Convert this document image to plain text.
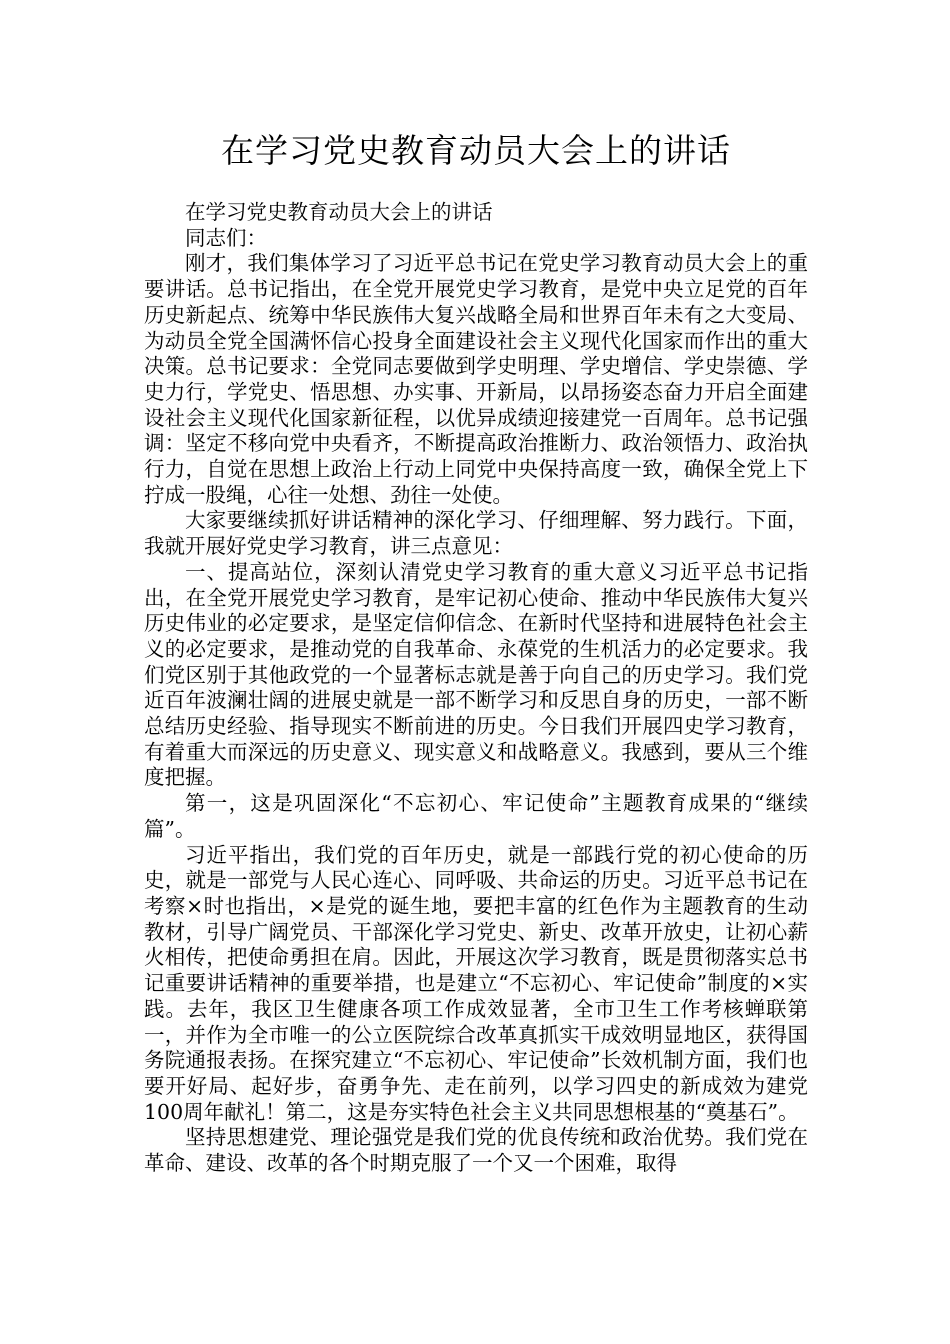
在学习党史教育动员大会上的讲话

在学习党史教育动员大会上的讲话

同志们：

刚才，我们集体学习了习近平总书记在党史学习教育动员大会上的重要讲话。总书记指出，在全党开展党史学习教育，是党中央立足党的百年历史新起点、统筹中华民族伟大复兴战略全局和世界百年未有之大变局、为动员全党全国满怀信心投身全面建设社会主义现代化国家而作出的重大决策。总书记要求：全党同志要做到学史明理、学史增信、学史崇德、学史力行，学党史、悟思想、办实事、开新局，以昂扬姿态奋力开启全面建设社会主义现代化国家新征程，以优异成绩迎接建党一百周年。总书记强调：坚定不移向党中央看齐，不断提高政治推断力、政治领悟力、政治执行力，自觉在思想上政治上行动上同党中央保持高度一致，确保全党上下拧成一股绳，心往一处想、劲往一处使。

大家要继续抓好讲话精神的深化学习、仔细理解、努力践行。下面，我就开展好党史学习教育，讲三点意见：

一、提高站位，深刻认清党史学习教育的重大意义习近平总书记指出，在全党开展党史学习教育，是牢记初心使命、推动中华民族伟大复兴历史伟业的必定要求，是坚定信仰信念、在新时代坚持和进展特色社会主义的必定要求，是推动党的自我革命、永葆党的生机活力的必定要求。我们党区别于其他政党的一个显著标志就是善于向自己的历史学习。我们党近百年波澜壮阔的进展史就是一部不断学习和反思自身的历史，一部不断总结历史经验、指导现实不断前进的历史。今日我们开展四史学习教育，有着重大而深远的历史意义、现实意义和战略意义。我感到，要从三个维度把握。

第一，这是巩固深化“不忘初心、牢记使命”主题教育成果的“继续篇”。

习近平指出，我们党的百年历史，就是一部践行党的初心使命的历史，就是一部党与人民心连心、同呼吸、共命运的历史。习近平总书记在考察×时也指出，×是党的诞生地，要把丰富的红色作为主题教育的生动教材，引导广阔党员、干部深化学习党史、新史、改革开放史，让初心薪火相传，把使命勇担在肩。因此，开展这次学习教育，既是贯彻落实总书记重要讲话精神的重要举措，也是建立“不忘初心、牢记使命”制度的×实践。去年，我区卫生健康各项工作成效显著，全市卫生工作考核蝉联第一，并作为全市唯一的公立医院综合改革真抓实干成效明显地区，获得国务院通报表扬。在探究建立“不忘初心、牢记使命”长效机制方面，我们也要开好局、起好步，奋勇争先、走在前列，以学习四史的新成效为建党100周年献礼！第二，这是夯实特色社会主义共同思想根基的“奠基石”。

坚持思想建党、理论强党是我们党的优良传统和政治优势。我们党在革命、建设、改革的各个时期克服了一个又一个困难，取得
